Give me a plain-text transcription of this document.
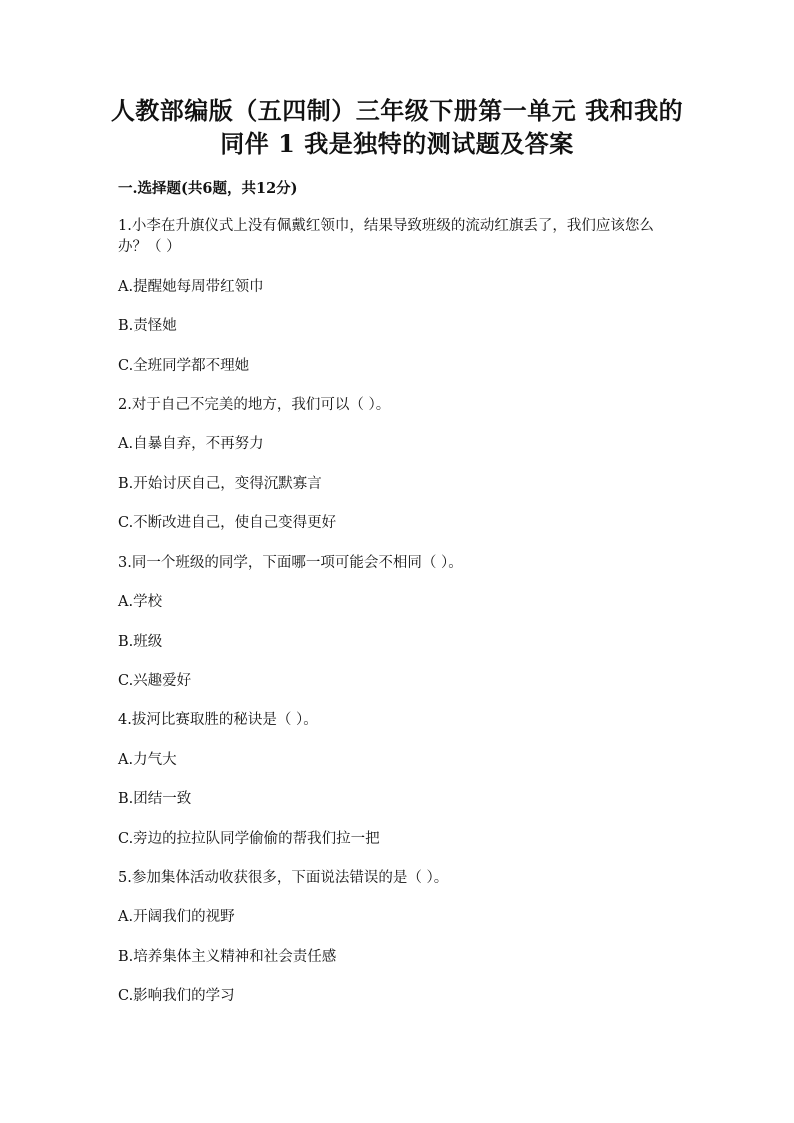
人教部编版（五四制）三年级下册第一单元 我和我的同伴 1 我是独特的测试题及答案

一.选择题(共6题，共12分)

1.小李在升旗仪式上没有佩戴红领巾，结果导致班级的流动红旗丢了，我们应该您么办？（ ）

A.提醒她每周带红领巾

B.责怪她

C.全班同学都不理她

2.对于自己不完美的地方，我们可以（ ）。

A.自暴自弃，不再努力

B.开始讨厌自己，变得沉默寡言

C.不断改进自己，使自己变得更好

3.同一个班级的同学，下面哪一项可能会不相同（ ）。

A.学校

B.班级

C.兴趣爱好

4.拔河比赛取胜的秘诀是（ ）。

A.力气大

B.团结一致

C.旁边的拉拉队同学偷偷的帮我们拉一把

5.参加集体活动收获很多，下面说法错误的是（ ）。

A.开阔我们的视野

B.培养集体主义精神和社会责任感

C.影响我们的学习
